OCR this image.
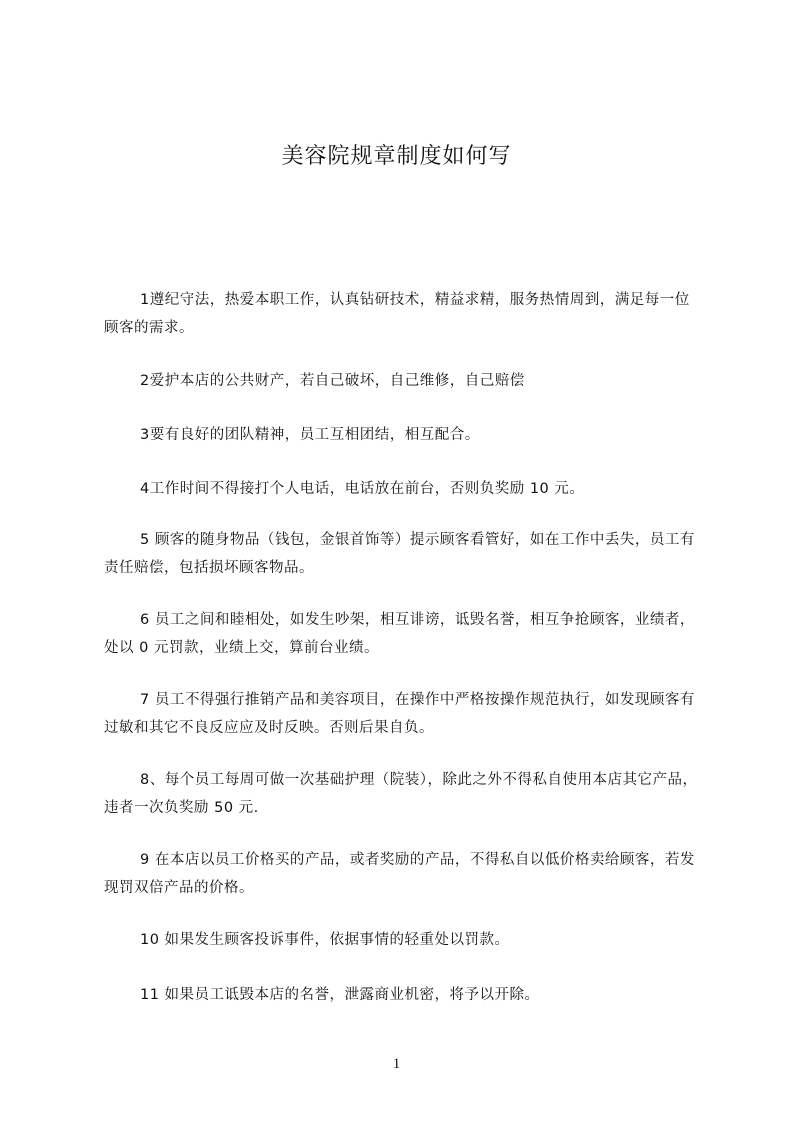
美容院规章制度如何写

1遵纪守法，热爱本职工作，认真钻研技术，精益求精，服务热情周到，满足每一位顾客的需求。

2爱护本店的公共财产，若自己破坏，自己维修，自己赔偿

3要有良好的团队精神，员工互相团结，相互配合。

4工作时间不得接打个人电话，电话放在前台，否则负奖励 10 元。

5 顾客的随身物品（钱包，金银首饰等）提示顾客看管好，如在工作中丢失，员工有责任赔偿，包括损坏顾客物品。

6 员工之间和睦相处，如发生吵架，相互诽谤，诋毁名誉，相互争抢顾客，业绩者，处以 0 元罚款，业绩上交，算前台业绩。

7 员工不得强行推销产品和美容项目，在操作中严格按操作规范执行，如发现顾客有过敏和其它不良反应应及时反映。否则后果自负。

8、每个员工每周可做一次基础护理（院装），除此之外不得私自使用本店其它产品，违者一次负奖励 50 元.

9 在本店以员工价格买的产品，或者奖励的产品，不得私自以低价格卖给顾客，若发现罚双倍产品的价格。

10 如果发生顾客投诉事件，依据事情的轻重处以罚款。

11 如果员工诋毁本店的名誉，泄露商业机密，将予以开除。

1
